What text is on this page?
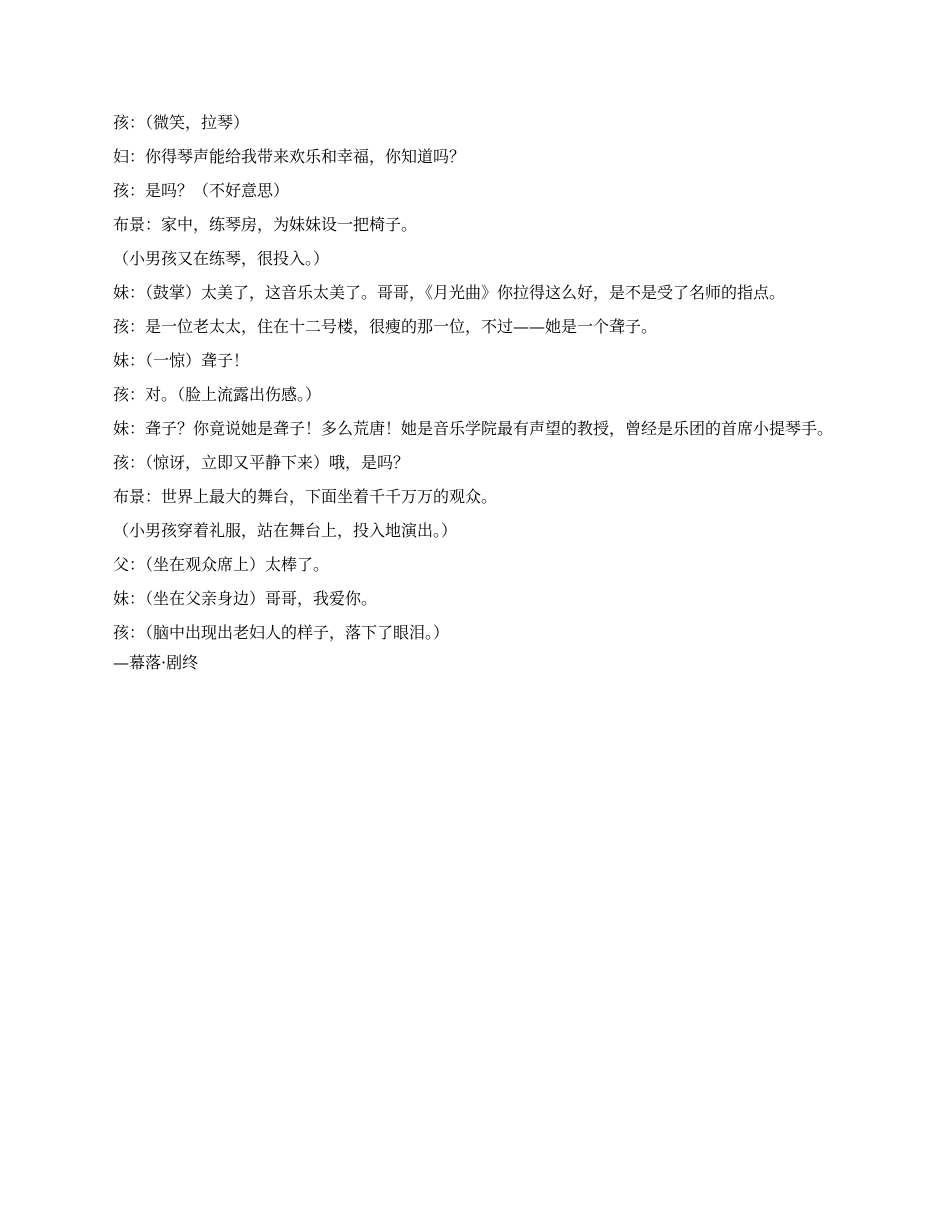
孩：（微笑，拉琴）

妇：你得琴声能给我带来欢乐和幸福，你知道吗？

孩：是吗？（不好意思）

布景：家中，练琴房，为妹妹设一把椅子。

（小男孩又在练琴，很投入。）

妹：（鼓掌）太美了，这音乐太美了。哥哥，《月光曲》你拉得这么好，是不是受了名师的指点。

孩：是一位老太太，住在十二号楼，很瘦的那一位，不过——她是一个聋子。

妹：（一惊）聋子！

孩：对。（脸上流露出伤感。）

妹：聋子？你竟说她是聋子！多么荒唐！她是音乐学院最有声望的教授，曾经是乐团的首席小提琴手。

孩：（惊讶，立即又平静下来）哦，是吗？

布景：世界上最大的舞台，下面坐着千千万万的观众。

（小男孩穿着礼服，站在舞台上，投入地演出。）

父：（坐在观众席上）太棒了。

妹：（坐在父亲身边）哥哥，我爱你。

孩：（脑中出现出老妇人的样子，落下了眼泪。）

—幕落·剧终
